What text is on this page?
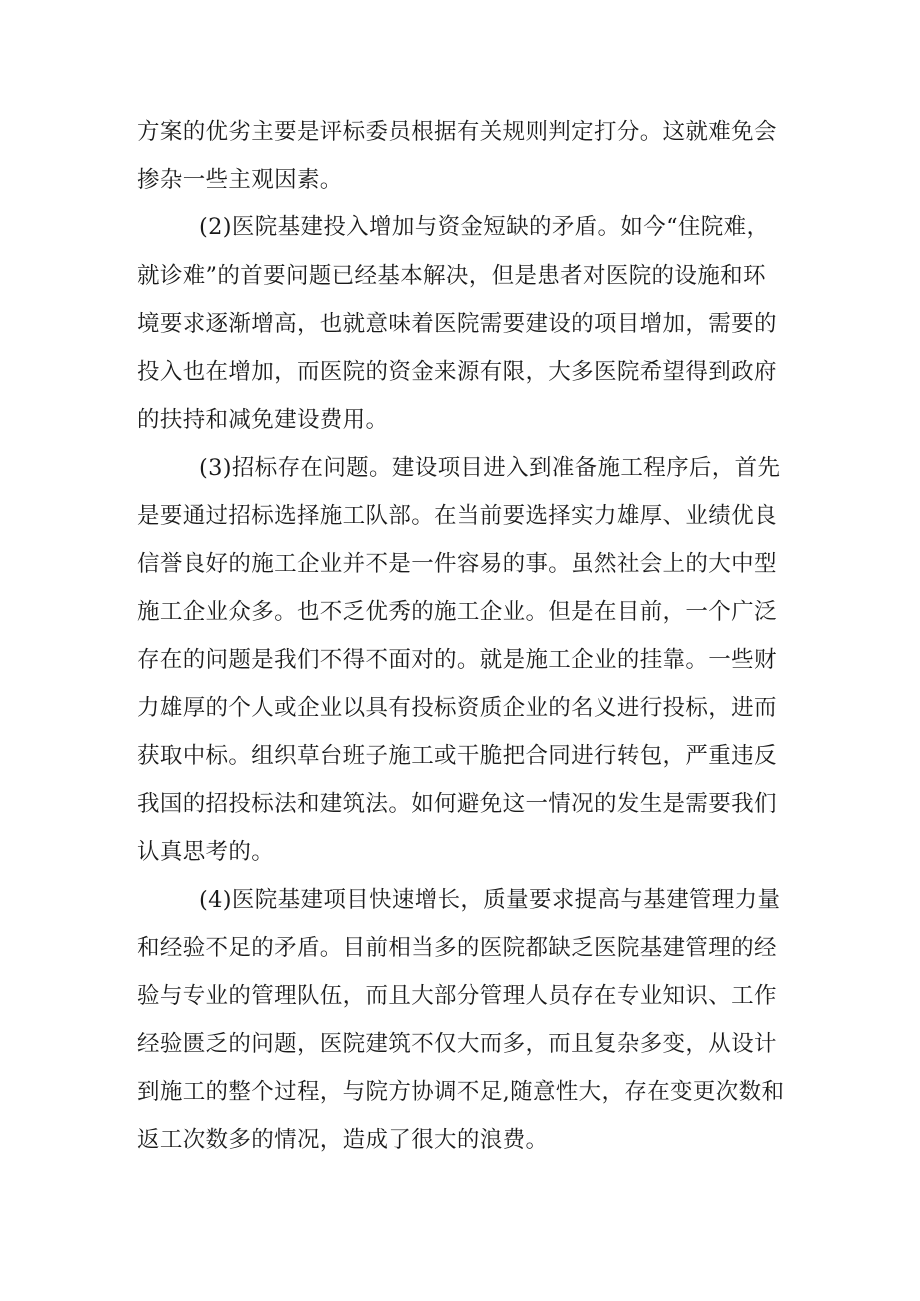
方案的优劣主要是评标委员根据有关规则判定打分。这就难免会
掺杂一些主观因素。
(2)医院基建投入增加与资金短缺的矛盾。如今“住院难，
就诊难”的首要问题已经基本解决，但是患者对医院的设施和环
境要求逐渐增高，也就意味着医院需要建设的项目增加，需要的
投入也在增加，而医院的资金来源有限，大多医院希望得到政府
的扶持和减免建设费用。
(3)招标存在问题。建设项目进入到准备施工程序后，首先
是要通过招标选择施工队部。在当前要选择实力雄厚、业绩优良
信誉良好的施工企业并不是一件容易的事。虽然社会上的大中型
施工企业众多。也不乏优秀的施工企业。但是在目前，一个广泛
存在的问题是我们不得不面对的。就是施工企业的挂靠。一些财
力雄厚的个人或企业以具有投标资质企业的名义进行投标，进而
获取中标。组织草台班子施工或干脆把合同进行转包，严重违反
我国的招投标法和建筑法。如何避免这一情况的发生是需要我们
认真思考的。
(4)医院基建项目快速增长，质量要求提高与基建管理力量
和经验不足的矛盾。目前相当多的医院都缺乏医院基建管理的经
验与专业的管理队伍，而且大部分管理人员存在专业知识、工作
经验匮乏的问题，医院建筑不仅大而多，而且复杂多变，从设计
到施工的整个过程，与院方协调不足,随意性大，存在变更次数和
返工次数多的情况，造成了很大的浪费。
